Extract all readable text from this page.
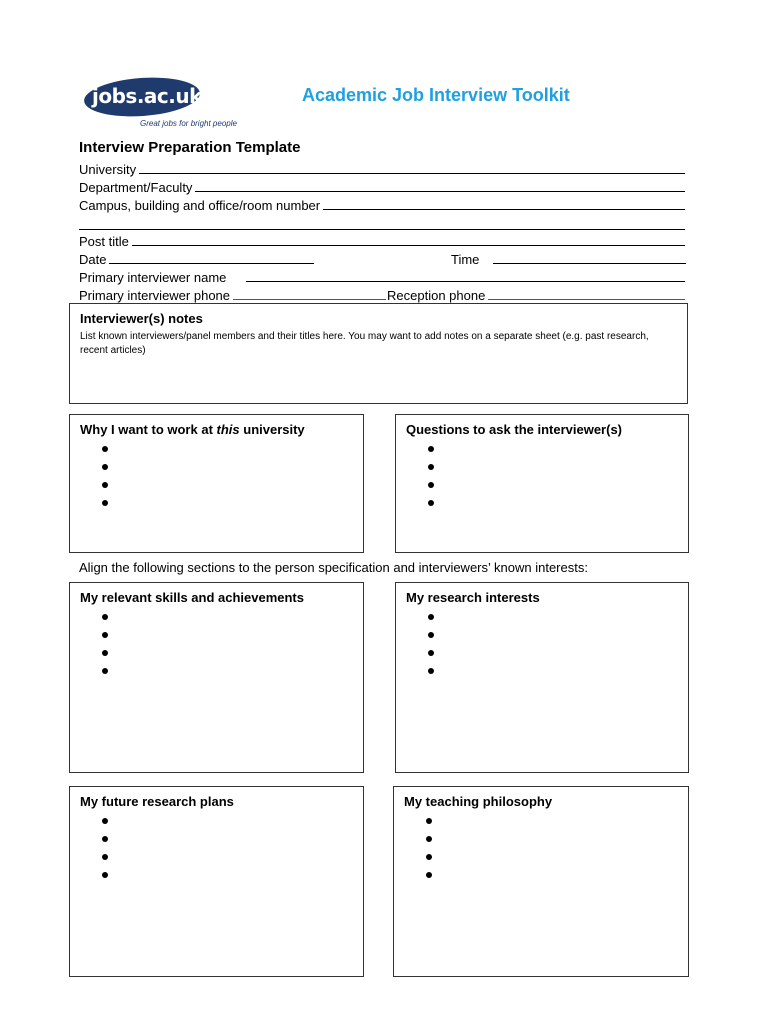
jobs.ac.uk
Great jobs for bright people
Academic Job Interview Toolkit
Interview Preparation Template
University
Department/Faculty
Campus, building and office/room number
Post title
Date	Time
Primary interviewer name
Primary interviewer phone	Reception phone
Interviewer(s) notes
List known interviewers/panel members and their titles here. You may want to add notes on a separate sheet (e.g. past research, recent articles)
Why I want to work at this university	Questions to ask the interviewer(s)
Align the following sections to the person specification and interviewers’ known interests:
My relevant skills and achievements	My research interests
My future research plans	My teaching philosophy
